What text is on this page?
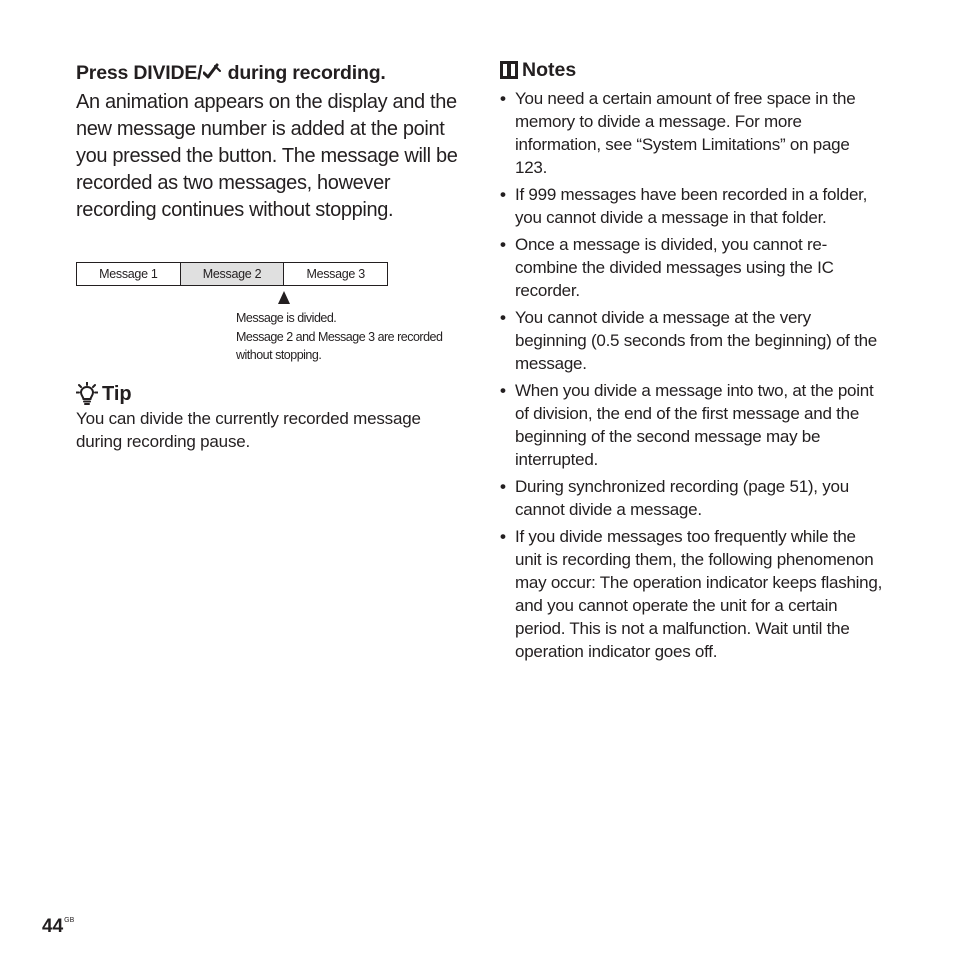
Press DIVIDE/ during recording.

An animation appears on the display and the new message number is added at the point you pressed the button. The message will be recorded as two messages, however recording continues without stopping.

Message 1	Message 2	Message 3
Message is divided.
Message 2 and Message 3 are recorded
without stopping.
Tip
You can divide the currently recorded message during recording pause.
Notes
• You need a certain amount of free space in the memory to divide a message. For more information, see “System Limitations” on page 123.
• If 999 messages have been recorded in a folder, you cannot divide a message in that folder.
• Once a message is divided, you cannot re-combine the divided messages using the IC recorder.
• You cannot divide a message at the very beginning (0.5 seconds from the beginning) of the message.
• When you divide a message into two, at the point of division, the end of the first message and the beginning of the second message may be interrupted.
• During synchronized recording (page 51), you cannot divide a message.
• If you divide messages too frequently while the unit is recording them, the following phenomenon may occur: The operation indicator keeps flashing, and you cannot operate the unit for a certain period. This is not a malfunction. Wait until the operation indicator goes off.
$44^{GB}$
